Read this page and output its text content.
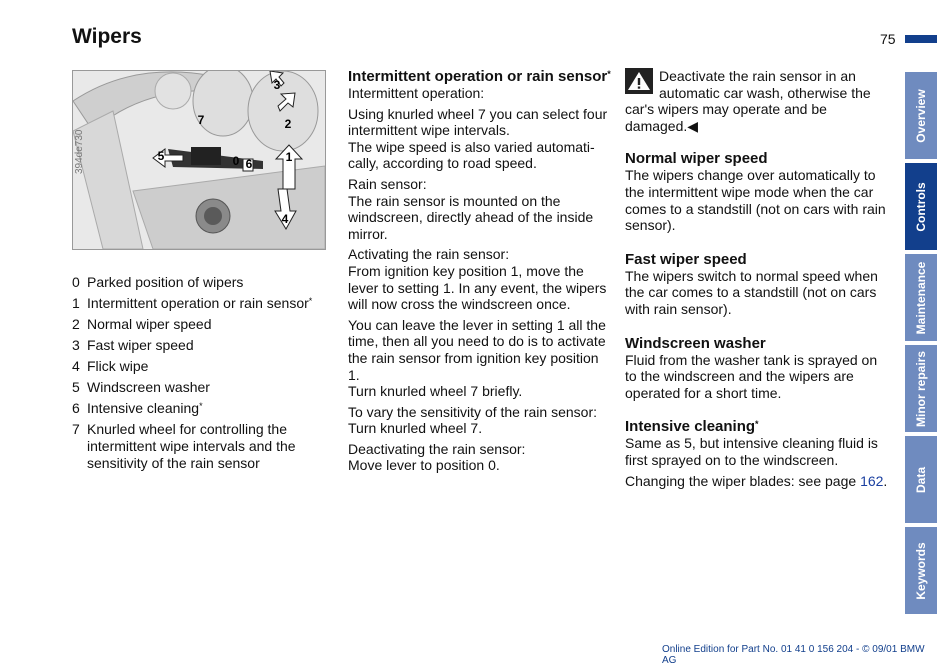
Wipers	75
1
2
3
4
5
6
7
0
394de730
0 Parked position of wipers
1 Intermittent operation or rain sensor*
2 Normal wiper speed
3 Fast wiper speed
4 Flick wipe
5 Windscreen washer
6 Intensive cleaning*
7 Knurled wheel for controlling the intermittent wipe intervals and the sensitivity of the rain sensor
Intermittent operation or rain sensor*

Intermittent operation:

Using knurled wheel 7 you can select four intermittent wipe intervals.

The wipe speed is also varied automati-cally, according to road speed.

Rain sensor:

The rain sensor is mounted on the windscreen, directly ahead of the inside mirror.

Activating the rain sensor:

From ignition key position 1, move the lever to setting 1. In any event, the wipers will now cross the windscreen once.

You can leave the lever in setting 1 all the time, then all you need to do is to activate the rain sensor from ignition key position 1.

Turn knurled wheel 7 briefly.

To vary the sensitivity of the rain sensor:

Turn knurled wheel 7.

Deactivating the rain sensor:

Move lever to position 0.

Deactivate the rain sensor in an automatic car wash, otherwise the car's wipers may operate and be damaged.◀

Normal wiper speed

The wipers change over automatically to the intermittent wipe mode when the car comes to a standstill (not on cars with rain sensor).

Fast wiper speed

The wipers switch to normal speed when the car comes to a standstill (not on cars with rain sensor).

Windscreen washer

Fluid from the washer tank is sprayed on to the windscreen and the wipers are operated for a short time.

Intensive cleaning*

Same as 5, but intensive cleaning fluid is first sprayed on to the windscreen.

Changing the wiper blades: see page 162.

Overview
Controls
Maintenance
Minor repairs
Data
Keywords
Online Edition for Part No. 01 41 0 156 204 - © 09/01 BMW AG
